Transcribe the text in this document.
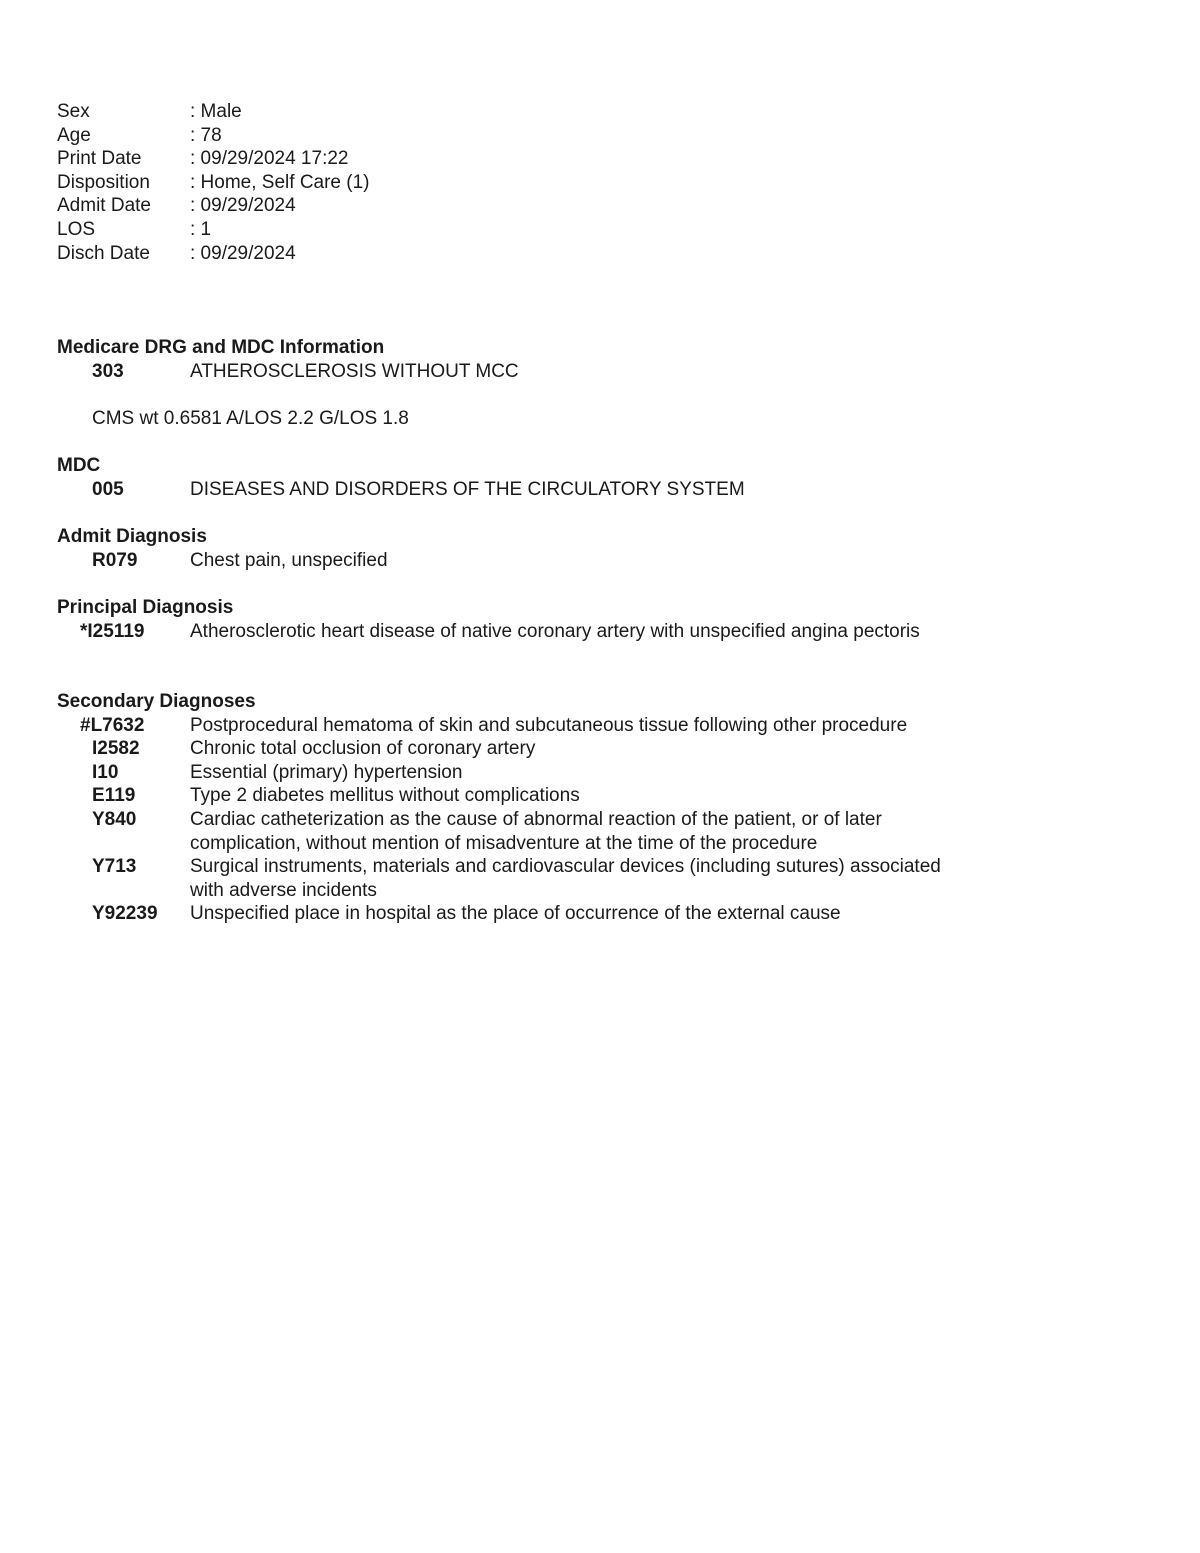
Sex	: Male
Age	: 78
Print Date	: 09/29/2024 17:22
Disposition	: Home, Self Care (1)
Admit Date	: 09/29/2024
LOS	: 1
Disch Date	: 09/29/2024
Medicare DRG and MDC Information
303	ATHEROSCLEROSIS WITHOUT MCC
CMS wt 0.6581 A/LOS 2.2 G/LOS 1.8
MDC
005	DISEASES AND DISORDERS OF THE CIRCULATORY SYSTEM
Admit Diagnosis
R079	Chest pain, unspecified
Principal Diagnosis
*I25119	Atherosclerotic heart disease of native coronary artery with unspecified angina pectoris
Secondary Diagnoses
#L7632	Postprocedural hematoma of skin and subcutaneous tissue following other procedure
I2582	Chronic total occlusion of coronary artery
I10	Essential (primary) hypertension
E119	Type 2 diabetes mellitus without complications
Y840	Cardiac catheterization as the cause of abnormal reaction of the patient, or of later complication, without mention of misadventure at the time of the procedure
Y713	Surgical instruments, materials and cardiovascular devices (including sutures) associated with adverse incidents
Y92239	Unspecified place in hospital as the place of occurrence of the external cause
